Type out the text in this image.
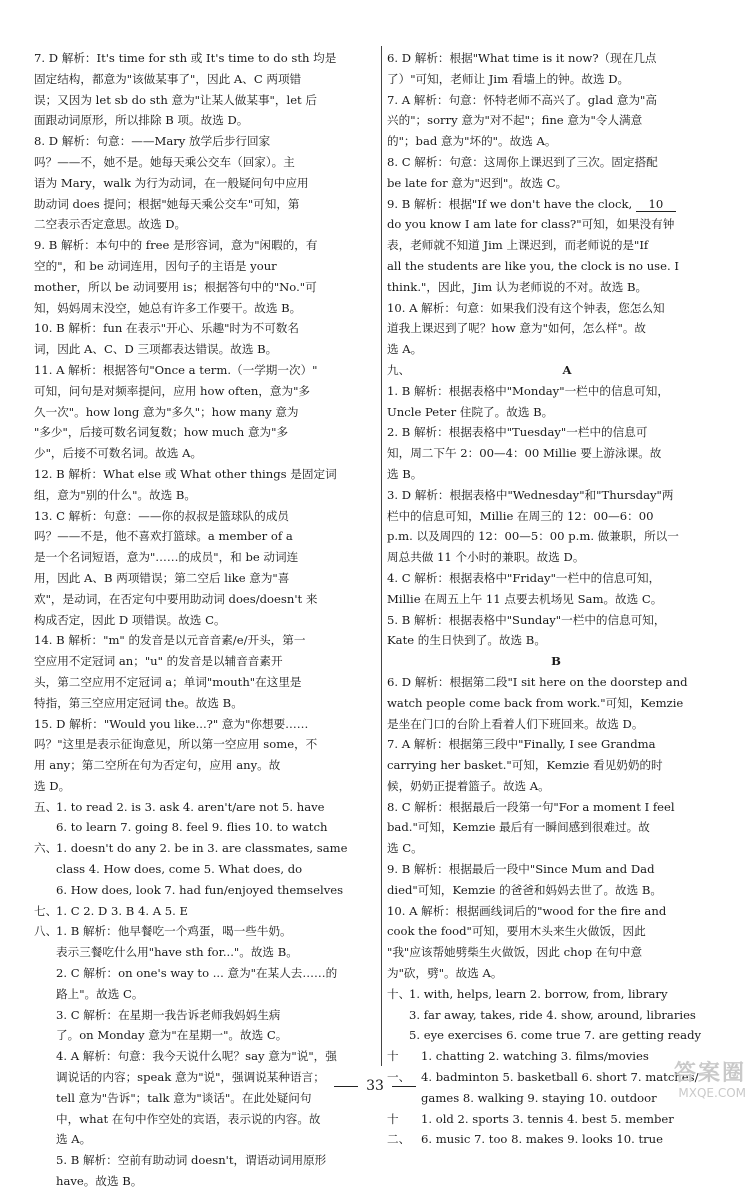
7. D 解析：It's time for sth 或 It's time to do sth 均是
固定结构，都意为"该做某事了"，因此 A、C 两项错
误；又因为 let sb do sth 意为"让某人做某事"，let 后
面跟动词原形，所以排除 B 项。故选 D。
8. D 解析：句意：——Mary 放学后步行回家
吗？——不，她不是。她每天乘公交车（回家）。主
语为 Mary，walk 为行为动词，在一般疑问句中应用
助动词 does 提问；根据"她每天乘公交车"可知，第
二空表示否定意思。故选 D。
9. B 解析：本句中的 free 是形容词，意为"闲暇的，有
空的"，和 be 动词连用，因句子的主语是 your
mother，所以 be 动词要用 is；根据答句中的"No."可
知，妈妈周末没空，她总有许多工作要干。故选 B。
10. B 解析：fun 在表示"开心、乐趣"时为不可数名
词，因此 A、C、D 三项都表达错误。故选 B。
11. A 解析：根据答句"Once a term.（一学期一次）"
可知，问句是对频率提问，应用 how often，意为"多
久一次"。how long 意为"多久"；how many 意为
"多少"，后接可数名词复数；how much 意为"多
少"，后接不可数名词。故选 A。
12. B 解析：What else 或 What other things 是固定词
组，意为"别的什么"。故选 B。
13. C 解析：句意：——你的叔叔是篮球队的成员
吗？——不是，他不喜欢打篮球。a member of a
是一个名词短语，意为"……的成员"，和 be 动词连
用，因此 A、B 两项错误；第二空后 like 意为"喜
欢"，是动词，在否定句中要用助动词 does/doesn't 来
构成否定，因此 D 项错误。故选 C。
14. B 解析："m" 的发音是以元音音素/e/开头，第一
空应用不定冠词 an；"u" 的发音是以辅音音素开
头，第二空应用不定冠词 a；单词"mouth"在这里是
特指，第三空应用定冠词 the。故选 B。
15. D 解析："Would you like...?" 意为"你想要……
吗？"这里是表示征询意见，所以第一空应用 some，不
用 any；第二空所在句为否定句，应用 any。故
选 D。
五、
1. to read 2. is 3. ask 4. aren't/are not 5. have
6. to learn 7. going 8. feel 9. flies 10. to watch
六、
1. doesn't do any 2. be in 3. are classmates, same
class 4. How does, come 5. What does, do
6. How does, look 7. had fun/enjoyed themselves
七、
1. C 2. D 3. B 4. A 5. E
八、
1. B 解析：他早餐吃一个鸡蛋，喝一些牛奶。
表示三餐吃什么用"have sth for..."。故选 B。
2. C 解析：on one's way to ... 意为"在某人去……的
路上"。故选 C。
3. C 解析：在星期一我告诉老师我妈妈生病
了。on Monday 意为"在星期一"。故选 C。
4. A 解析：句意：我今天说什么呢？say 意为"说"，强
调说话的内容；speak 意为"说"，强调说某种语言；
tell 意为"告诉"；talk 意为"谈话"。在此处疑问句
中，what 在句中作空处的宾语，表示说的内容。故
选 A。
5. B 解析：空前有助动词 doesn't，谓语动词用原形
have。故选 B。
6. D 解析：根据"What time is it now?（现在几点
了）"可知，老师让 Jim 看墙上的钟。故选 D。
7. A 解析：句意：怀特老师不高兴了。glad 意为"高
兴的"；sorry 意为"对不起"；fine 意为"令人满意
的"；bad 意为"坏的"。故选 A。
8. C 解析：句意：这周你上课迟到了三次。固定搭配
be late for 意为"迟到"。故选 C。
9. B 解析：根据"If we don't have the clock, 10
do you know I am late for class?"可知，如果没有钟
表，老师就不知道 Jim 上课迟到，而老师说的是"If
all the students are like you, the clock is no use. I
think."，因此，Jim 认为老师说的不对。故选 B。
10. A 解析：句意：如果我们没有这个钟表，您怎么知
道我上课迟到了呢？how 意为"如何，怎么样"。故
选 A。
九、	A
1. B 解析：根据表格中"Monday"一栏中的信息可知，
Uncle Peter 住院了。故选 B。
2. B 解析：根据表格中"Tuesday"一栏中的信息可
知，周二下午 2：00—4：00 Millie 要上游泳课。故
选 B。
3. D 解析：根据表格中"Wednesday"和"Thursday"两
栏中的信息可知，Millie 在周三的 12：00—6：00
p.m. 以及周四的 12：00—5：00 p.m. 做兼职，所以一
周总共做 11 个小时的兼职。故选 D。
4. C 解析：根据表格中"Friday"一栏中的信息可知，
Millie 在周五上午 11 点要去机场见 Sam。故选 C。
5. B 解析：根据表格中"Sunday"一栏中的信息可知，
Kate 的生日快到了。故选 B。
B
6. D 解析：根据第二段"I sit here on the doorstep and
watch people come back from work."可知，Kemzie
是坐在门口的台阶上看着人们下班回来。故选 D。
7. A 解析：根据第三段中"Finally, I see Grandma
carrying her basket."可知，Kemzie 看见奶奶的时
候，奶奶正提着篮子。故选 A。
8. C 解析：根据最后一段第一句"For a moment I feel
bad."可知，Kemzie 最后有一瞬间感到很难过。故
选 C。
9. B 解析：根据最后一段中"Since Mum and Dad
died"可知，Kemzie 的爸爸和妈妈去世了。故选 B。
10. A 解析：根据画线词后的"wood for the fire and
cook the food"可知，要用木头来生火做饭，因此
"我"应该帮她劈柴生火做饭，因此 chop 在句中意
为"砍，劈"。故选 A。
十、
1. with, helps, learn 2. borrow, from, library
3. far away, takes, ride 4. show, around, libraries
5. eye exercises 6. come true 7. are getting ready
十一、
1. chatting 2. watching 3. films/movies
4. badminton 5. basketball 6. short 7. matches/
games 8. walking 9. staying 10. outdoor
十二、
1. old 2. sports 3. tennis 4. best 5. member
6. music 7. too 8. makes 9. looks 10. true
33	答案圈
MXQE.COM
